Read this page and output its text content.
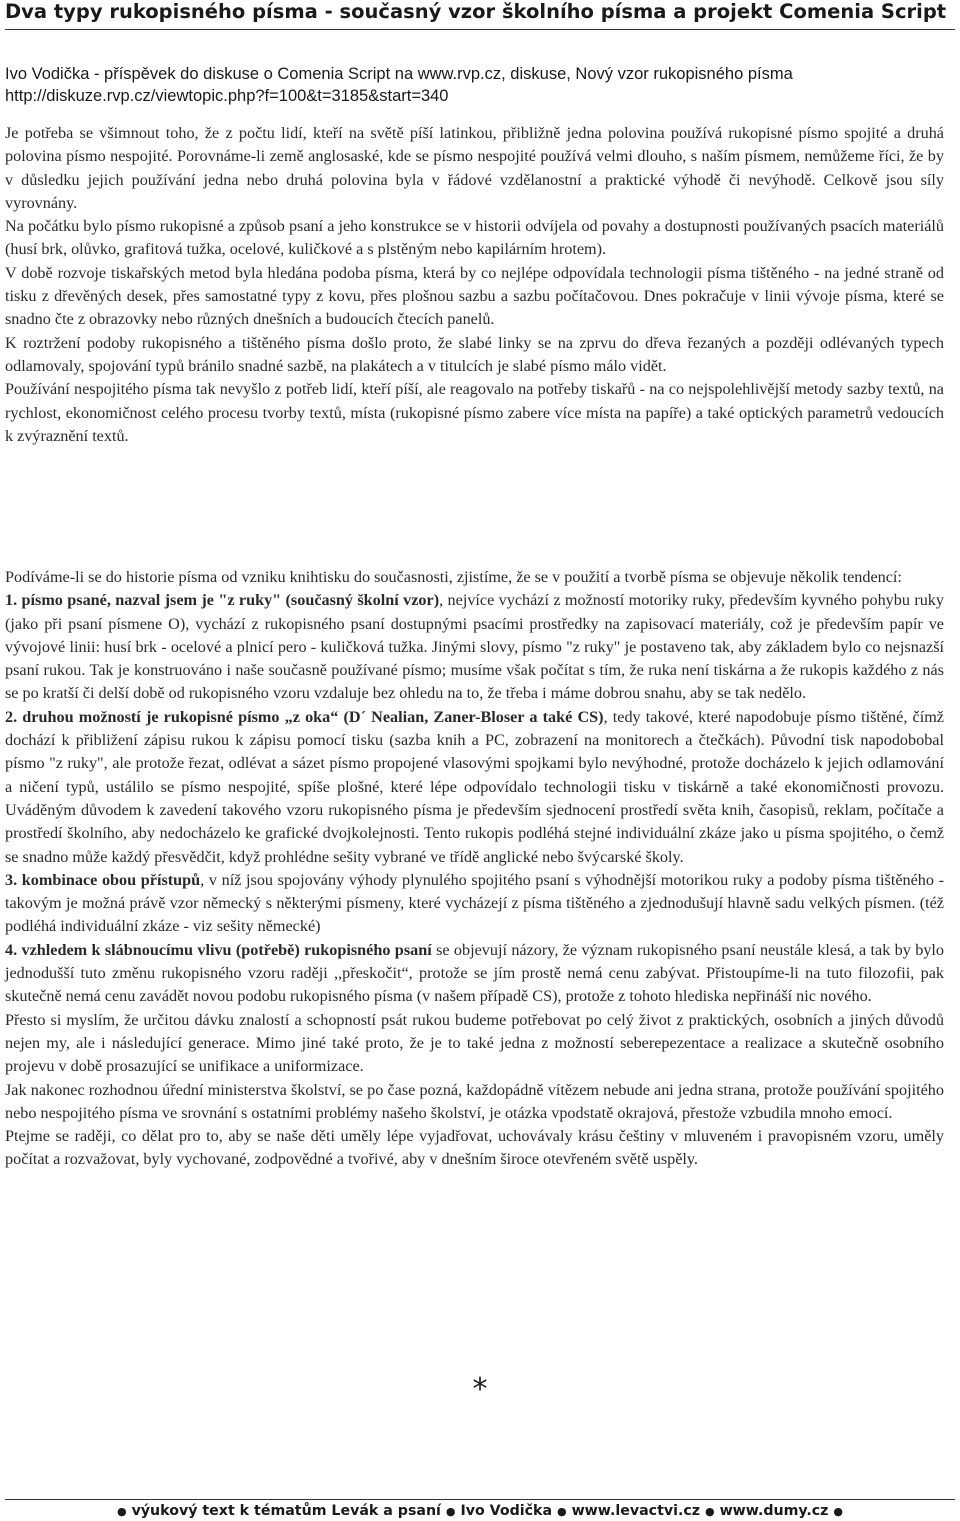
Dva typy rukopisného písma - současný vzor školního písma a projekt Comenia Script
Ivo Vodička - příspěvek do diskuse o Comenia Script na www.rvp.cz, diskuse, Nový vzor rukopisného písma
http://diskuze.rvp.cz/viewtopic.php?f=100&t=3185&start=340

Je potřeba se všimnout toho, že z počtu lidí, kteří na světě píší latinkou, přibližně jedna polovina používá rukopisné písmo spojité a druhá polovina písmo nespojité. Porovnáme-li země anglosaské, kde se písmo nespojité používá velmi dlouho, s naším písmem, nemůžeme říci, že by v důsledku jejich používání jedna nebo druhá polovina byla v řádové vzdělanostní a praktické výhodě či nevýhodě. Celkově jsou síly vyrovnány.

Na počátku bylo písmo rukopisné a způsob psaní a jeho konstrukce se v historii odvíjela od povahy a dostupnosti používaných psacích materiálů (husí brk, olůvko, grafitová tužka, ocelové, kuličkové a s plstěným nebo kapilárním hrotem).

V době rozvoje tiskařských metod byla hledána podoba písma, která by co nejlépe odpovídala technologii písma tištěného - na jedné straně od tisku z dřevěných desek, přes samostatné typy z kovu, přes plošnou sazbu a sazbu počítačovou. Dnes pokračuje v linii vývoje písma, které se snadno čte z obrazovky nebo různých dnešních a budoucích čtecích panelů.

K roztržení podoby rukopisného a tištěného písma došlo proto, že slabé linky se na zprvu do dřeva řezaných a později odlévaných typech odlamovaly, spojování typů bránilo snadné sazbě, na plakátech a v titulcích je slabé písmo málo vidět.

Používání nespojitého písma tak nevyšlo z potřeb lidí, kteří píší, ale reagovalo na potřeby tiskařů - na co nejspolehlivější metody sazby textů, na rychlost, ekonomičnost celého procesu tvorby textů, místa (rukopisné písmo zabere více místa na papíře) a také optických parametrů vedoucích k zvýraznění textů.

Podíváme-li se do historie písma od vzniku knihtisku do současnosti, zjistíme, že se v použití a tvorbě písma se objevuje několik tendencí:

1. písmo psané, nazval jsem je "z ruky" (současný školní vzor), nejvíce vychází z možností motoriky ruky, především kyvného pohybu ruky (jako při psaní písmene O), vychází z rukopisného psaní dostupnými psacími prostředky na zapisovací materiály, což je především papír ve vývojové linii: husí brk - ocelové a plnicí pero - kuličková tužka. Jinými slovy, písmo "z ruky" je postaveno tak, aby základem bylo co nejsnazší psaní rukou. Tak je konstruováno i naše současně používané písmo; musíme však počítat s tím, že ruka není tiskárna a že rukopis každého z nás se po kratší či delší době od rukopisného vzoru vzdaluje bez ohledu na to, že třeba i máme dobrou snahu, aby se tak nedělo.

2. druhou možností je rukopisné písmo „z oka“ (D´ Nealian, Zaner-Bloser a také CS), tedy takové, které napodobuje písmo tištěné, čímž dochází k přibližení zápisu rukou k zápisu pomocí tisku (sazba knih a PC, zobrazení na monitorech a čtečkách). Původní tisk napodobobal písmo "z ruky", ale protože řezat, odlévat a sázet písmo propojené vlasovými spojkami bylo nevýhodné, protože docházelo k jejich odlamování a ničení typů, ustálilo se písmo nespojité, spíše plošné, které lépe odpovídalo technologii tisku v tiskárně a také ekonomičnosti provozu. Uváděným důvodem k zavedení takového vzoru rukopisného písma je především sjednocení prostředí světa knih, časopisů, reklam, počítače a prostředí školního, aby nedocházelo ke grafické dvojkolejnosti. Tento rukopis podléhá stejné individuální zkáze jako u písma spojitého, o čemž se snadno může každý přesvědčit, když prohlédne sešity vybrané ve třídě anglické nebo švýcarské školy.

3. kombinace obou přístupů, v níž jsou spojovány výhody plynulého spojitého psaní s výhodnější motorikou ruky a podoby písma tištěného - takovým je možná právě vzor německý s některými písmeny, které vycházejí z písma tištěného a zjednodušují hlavně sadu velkých písmen. (též podléhá individuální zkáze - viz sešity německé)

4. vzhledem k slábnoucímu vlivu (potřebě) rukopisného psaní se objevují názory, že význam rukopisného psaní neustále klesá, a tak by bylo jednodušší tuto změnu rukopisného vzoru raději ,,přeskočit“, protože se jím prostě nemá cenu zabývat. Přistoupíme-li na tuto filozofii, pak skutečně nemá cenu zavádět novou podobu rukopisného písma (v našem případě CS), protože z tohoto hlediska nepřináší nic nového.

Přesto si myslím, že určitou dávku znalostí a schopností psát rukou budeme potřebovat po celý život z praktických, osobních a jiných důvodů nejen my, ale i následující generace. Mimo jiné také proto, že je to také jedna z možností seberepezentace a realizace a skutečně osobního projevu v době prosazující se unifikace a uniformizace.

Jak nakonec rozhodnou úřední ministerstva školství, se po čase pozná, každopádně vítězem nebude ani jedna strana, protože používání spojitého nebo nespojitého písma ve srovnání s ostatními problémy našeho školství, je otázka vpodstatě okrajová, přestože vzbudila mnoho emocí.

Ptejme se raději, co dělat pro to, aby se naše děti uměly lépe vyjadřovat, uchovávaly krásu češtiny v mluveném i pravopisném vzoru, uměly počítat a rozvažovat, byly vychované, zodpovědné a tvořivé, aby v dnešním široce otevřeném světě uspěly.

*
● výukový text k tématům Levák a psaní ● Ivo Vodička ● www.levactvi.cz ● www.dumy.cz ●
